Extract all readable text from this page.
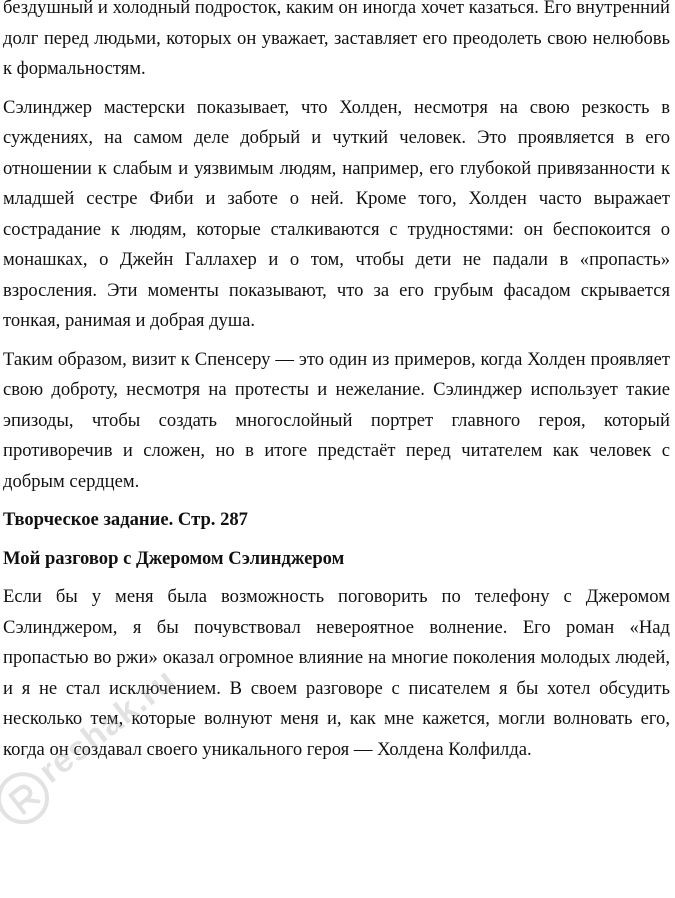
бездушный и холодный подросток, каким он иногда хочет казаться. Его внутренний долг перед людьми, которых он уважает, заставляет его преодолеть свою нелюбовь к формальностям.

Сэлинджер мастерски показывает, что Холден, несмотря на свою резкость в суждениях, на самом деле добрый и чуткий человек. Это проявляется в его отношении к слабым и уязвимым людям, например, его глубокой привязанности к младшей сестре Фиби и заботе о ней. Кроме того, Холден часто выражает сострадание к людям, которые сталкиваются с трудностями: он беспокоится о монашках, о Джейн Галлахер и о том, чтобы дети не падали в «пропасть» взросления. Эти моменты показывают, что за его грубым фасадом скрывается тонкая, ранимая и добрая душа.

Таким образом, визит к Спенсеру — это один из примеров, когда Холден проявляет свою доброту, несмотря на протесты и нежелание. Сэлинджер использует такие эпизоды, чтобы создать многослойный портрет главного героя, который противоречив и сложен, но в итоге предстаёт перед читателем как человек с добрым сердцем.

Творческое задание. Стр. 287

Мой разговор с Джеромом Сэлинджером

Если бы у меня была возможность поговорить по телефону с Джеромом Сэлинджером, я бы почувствовал невероятное волнение. Его роман «Над пропастью во ржи» оказал огромное влияние на многие поколения молодых людей, и я не стал исключением. В своем разговоре с писателем я бы хотел обсудить несколько тем, которые волнуют меня и, как мне кажется, могли волновать его, когда он создавал своего уникального героя — Холдена Колфилда.

reshak.ru
